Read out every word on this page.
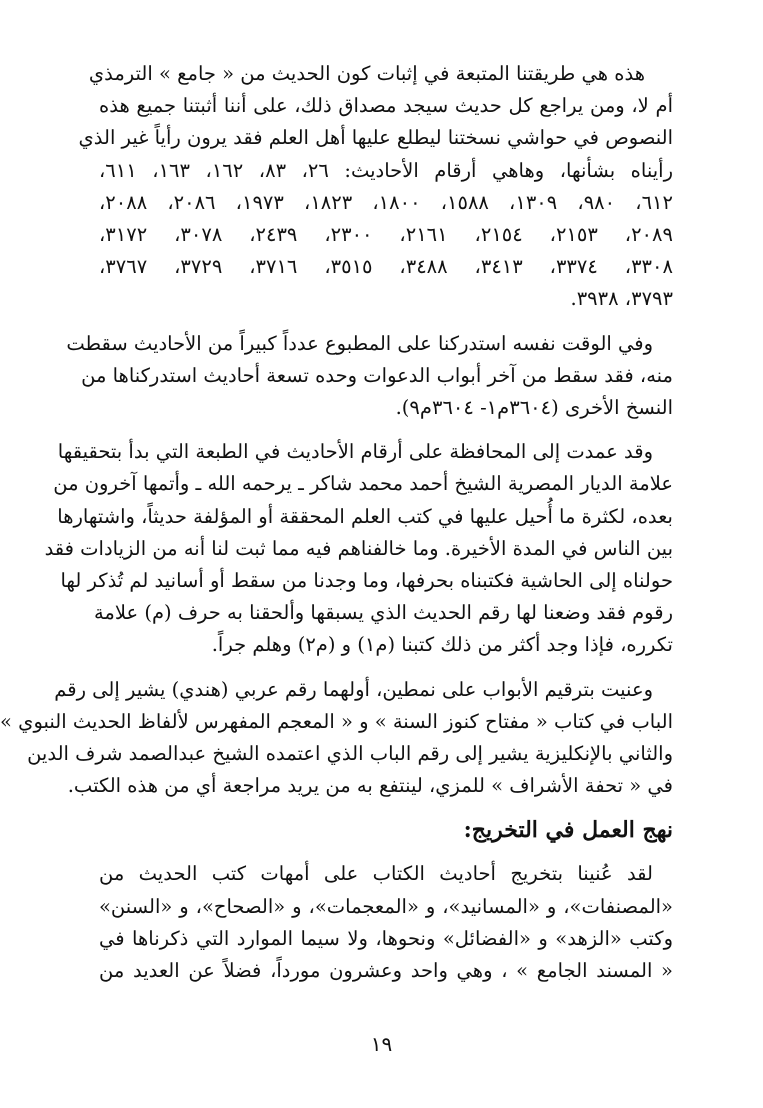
هذه هي طريقتنا المتبعة في إثبات كون الحديث من « جامع » الترمذي
أم لا، ومن يراجع كل حديث سيجد مصداق ذلك، على أننا أثبتنا جميع هذه
النصوص في حواشي نسختنا ليطلع عليها أهل العلم فقد يرون رأياً غير الذي
رأيناه بشأنها، وهاهي أرقام الأحاديث: ٢٦، ٨٣، ١٦٢، ١٦٣، ٦١١،
٦١٢، ٩٨٠، ١٣٠٩، ١٥٨٨، ١٨٠٠، ١٨٢٣، ١٩٧٣، ٢٠٨٦، ٢٠٨٨،
٢٠٨٩، ٢١٥٣، ٢١٥٤، ٢١٦١، ٢٣٠٠، ٢٤٣٩، ٣٠٧٨، ٣١٧٢،
٣٣٠٨، ٣٣٧٤، ٣٤١٣، ٣٤٨٨، ٣٥١٥، ٣٧١٦، ٣٧٢٩، ٣٧٦٧،
٣٧٩٣، ٣٩٣٨.

وفي الوقت نفسه استدركنا على المطبوع عدداً كبيراً من الأحاديث سقطت
منه، فقد سقط من آخر أبواب الدعوات وحده تسعة أحاديث استدركناها من
النسخ الأخرى (٣٦٠٤م١- ٣٦٠٤م٩).

وقد عمدت إلى المحافظة على أرقام الأحاديث في الطبعة التي بدأ بتحقيقها
علامة الديار المصرية الشيخ أحمد محمد شاكر ـ يرحمه الله ـ وأتمها آخرون من
بعده، لكثرة ما أُحيل عليها في كتب العلم المحققة أو المؤلفة حديثاً، واشتهارها
بين الناس في المدة الأخيرة. وما خالفناهم فيه مما ثبت لنا أنه من الزيادات فقد
حولناه إلى الحاشية فكتبناه بحرفها، وما وجدنا من سقط أو أسانيد لم تُذكر لها
رقوم فقد وضعنا لها رقم الحديث الذي يسبقها وألحقنا به حرف (م) علامة
تكرره، فإذا وجد أكثر من ذلك كتبنا (م١) و (م٢) وهلم جراً.

وعنيت بترقيم الأبواب على نمطين، أولهما رقم عربي (هندي) يشير إلى رقم
الباب في كتاب « مفتاح كنوز السنة » و « المعجم المفهرس لألفاظ الحديث النبوي »
والثاني بالإنكليزية يشير إلى رقم الباب الذي اعتمده الشيخ عبدالصمد شرف الدين
في « تحفة الأشراف » للمزي، لينتفع به من يريد مراجعة أي من هذه الكتب.

نهج العمل في التخريج:

لقد عُنينا بتخريج أحاديث الكتاب على أمهات كتب الحديث من
«المصنفات»، و «المسانيد»، و «المعجمات»، و «الصحاح»، و «السنن»
وكتب «الزهد» و «الفضائل» ونحوها، ولا سيما الموارد التي ذكرناها في
« المسند الجامع » ، وهي واحد وعشرون مورداً، فضلاً عن العديد من

١٩
